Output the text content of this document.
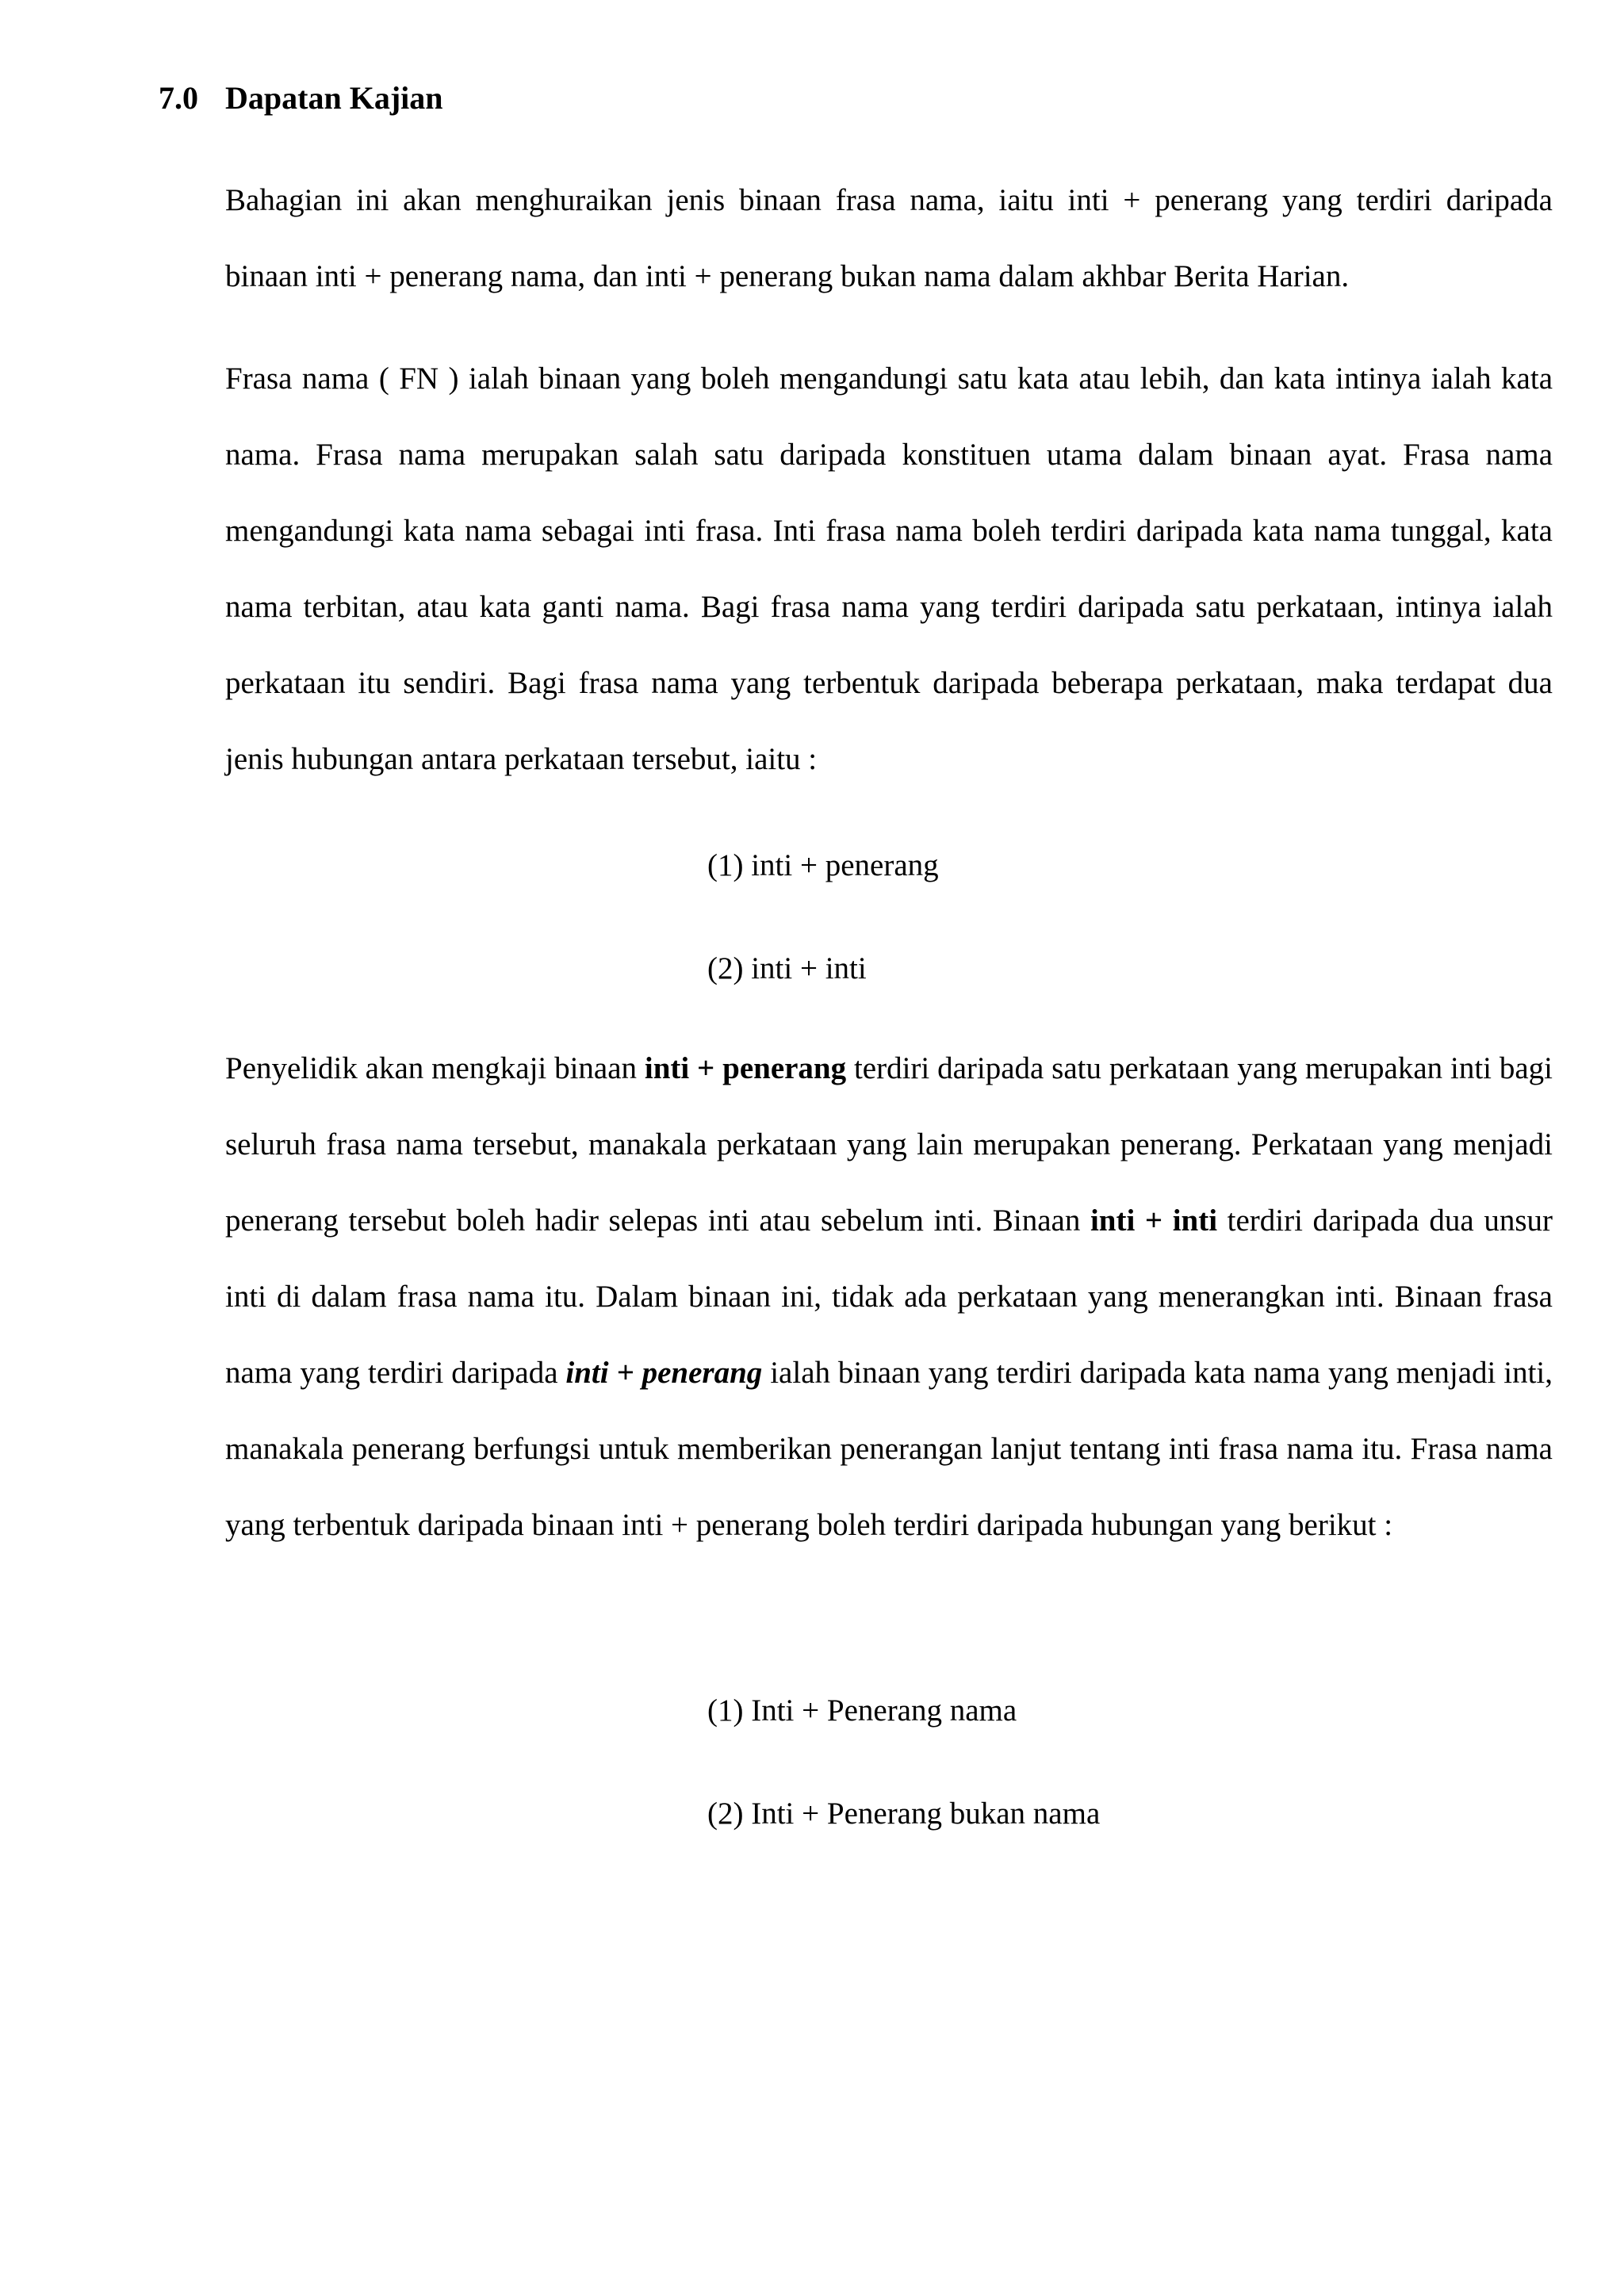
7.0 Dapatan Kajian

Bahagian ini akan menghuraikan jenis binaan frasa nama, iaitu inti + penerang yang terdiri daripada binaan inti + penerang nama, dan inti + penerang bukan nama dalam akhbar Berita Harian.

Frasa nama ( FN ) ialah binaan yang boleh mengandungi satu kata atau lebih, dan kata intinya ialah kata nama. Frasa nama merupakan salah satu daripada konstituen utama dalam binaan ayat. Frasa nama mengandungi kata nama sebagai inti frasa. Inti frasa nama boleh terdiri daripada kata nama tunggal, kata nama terbitan, atau kata ganti nama. Bagi frasa nama yang terdiri daripada satu perkataan, intinya ialah perkataan itu sendiri. Bagi frasa nama yang terbentuk daripada beberapa perkataan, maka terdapat dua jenis hubungan antara perkataan tersebut, iaitu :

(1) inti + penerang
(2) inti + inti

Penyelidik akan mengkaji binaan inti + penerang terdiri daripada satu perkataan yang merupakan inti bagi seluruh frasa nama tersebut, manakala perkataan yang lain merupakan penerang. Perkataan yang menjadi penerang tersebut boleh hadir selepas inti atau sebelum inti. Binaan inti + inti terdiri daripada dua unsur inti di dalam frasa nama itu. Dalam binaan ini, tidak ada perkataan yang menerangkan inti. Binaan frasa nama yang terdiri daripada inti + penerang ialah binaan yang terdiri daripada kata nama yang menjadi inti, manakala penerang berfungsi untuk memberikan penerangan lanjut tentang inti frasa nama itu. Frasa nama yang terbentuk daripada binaan inti + penerang boleh terdiri daripada hubungan yang berikut :

(1) Inti + Penerang nama
(2) Inti + Penerang bukan nama
